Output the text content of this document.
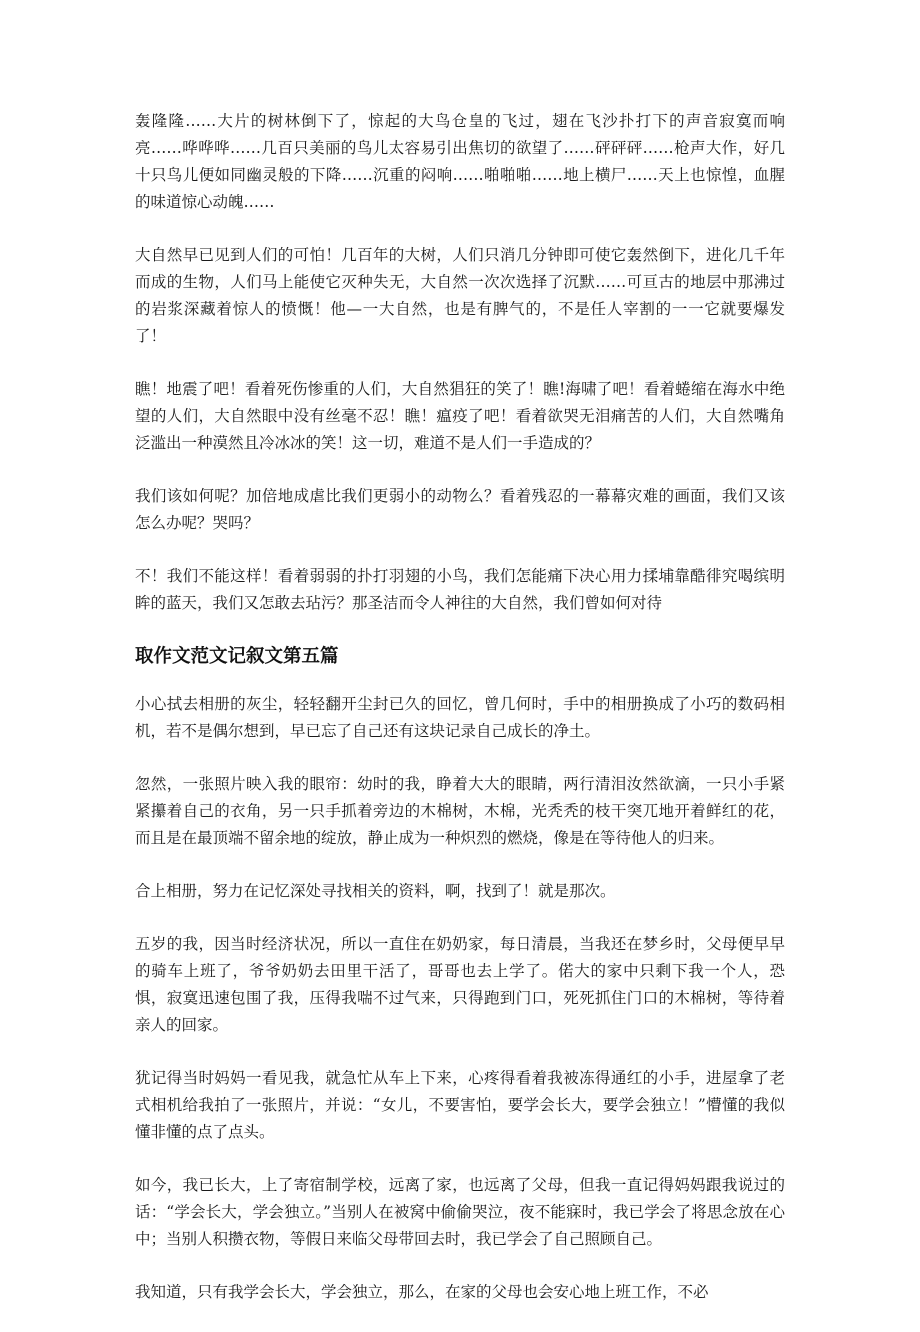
轰隆隆……大片的树林倒下了，惊起的大鸟仓皇的飞过，翅在飞沙扑打下的声音寂寞而响亮……哗哗哗……几百只美丽的鸟儿太容易引出焦切的欲望了……砰砰砰……枪声大作，好几十只鸟儿便如同幽灵般的下降……沉重的闷响……啪啪啪……地上横尸……天上也惊惶，血腥的味道惊心动魄……

大自然早已见到人们的可怕！几百年的大树，人们只消几分钟即可使它轰然倒下，进化几千年而成的生物，人们马上能使它灭种失无，大自然一次次选择了沉默……可亘古的地层中那沸过的岩浆深藏着惊人的愤慨！他—一大自然，也是有脾气的，不是任人宰割的一一它就要爆发了！

瞧！地震了吧！看着死伤惨重的人们，大自然猖狂的笑了！瞧!海啸了吧！看着蜷缩在海水中绝望的人们，大自然眼中没有丝毫不忍！瞧！瘟疫了吧！看着欲哭无泪痛苦的人们，大自然嘴角泛滥出一种漠然且冷冰冰的笑！这一切，难道不是人们一手造成的？

我们该如何呢？加倍地成虐比我们更弱小的动物么？看着残忍的一幕幕灾难的画面，我们又该怎么办呢？哭吗？

不！我们不能这样！看着弱弱的扑打羽翅的小鸟，我们怎能痛下决心用力揉埔靠酷徘究喝缤明眸的蓝天，我们又怎敢去玷污？那圣洁而令人神往的大自然，我们曾如何对待

取作文范文记叙文第五篇

小心拭去相册的灰尘，轻轻翻开尘封已久的回忆，曾几何时，手中的相册换成了小巧的数码相机，若不是偶尔想到，早已忘了自己还有这块记录自己成长的净土。

忽然，一张照片映入我的眼帘：幼时的我，睁着大大的眼睛，两行清泪汝然欲滴，一只小手紧紧攥着自己的衣角，另一只手抓着旁边的木棉树，木棉，光秃秃的枝干突兀地开着鲜红的花，而且是在最顶端不留余地的绽放，静止成为一种炽烈的燃烧，像是在等待他人的归来。

合上相册，努力在记忆深处寻找相关的资料，啊，找到了！就是那次。

五岁的我，因当时经济状况，所以一直住在奶奶家，每日清晨，当我还在梦乡时，父母便早早的骑车上班了，爷爷奶奶去田里干活了，哥哥也去上学了。偌大的家中只剩下我一个人，恐惧，寂寞迅速包围了我，压得我喘不过气来，只得跑到门口，死死抓住门口的木棉树，等待着亲人的回家。

犹记得当时妈妈一看见我，就急忙从车上下来，心疼得看着我被冻得通红的小手，进屋拿了老式相机给我拍了一张照片，并说：“女儿，不要害怕，要学会长大，要学会独立！”懵懂的我似懂非懂的点了点头。

如今，我已长大，上了寄宿制学校，远离了家，也远离了父母，但我一直记得妈妈跟我说过的话：“学会长大，学会独立。”当别人在被窝中偷偷哭泣，夜不能寐时，我已学会了将思念放在心中；当别人积攒衣物，等假日来临父母带回去时，我已学会了自己照顾自己。

我知道，只有我学会长大，学会独立，那么，在家的父母也会安心地上班工作，不必
